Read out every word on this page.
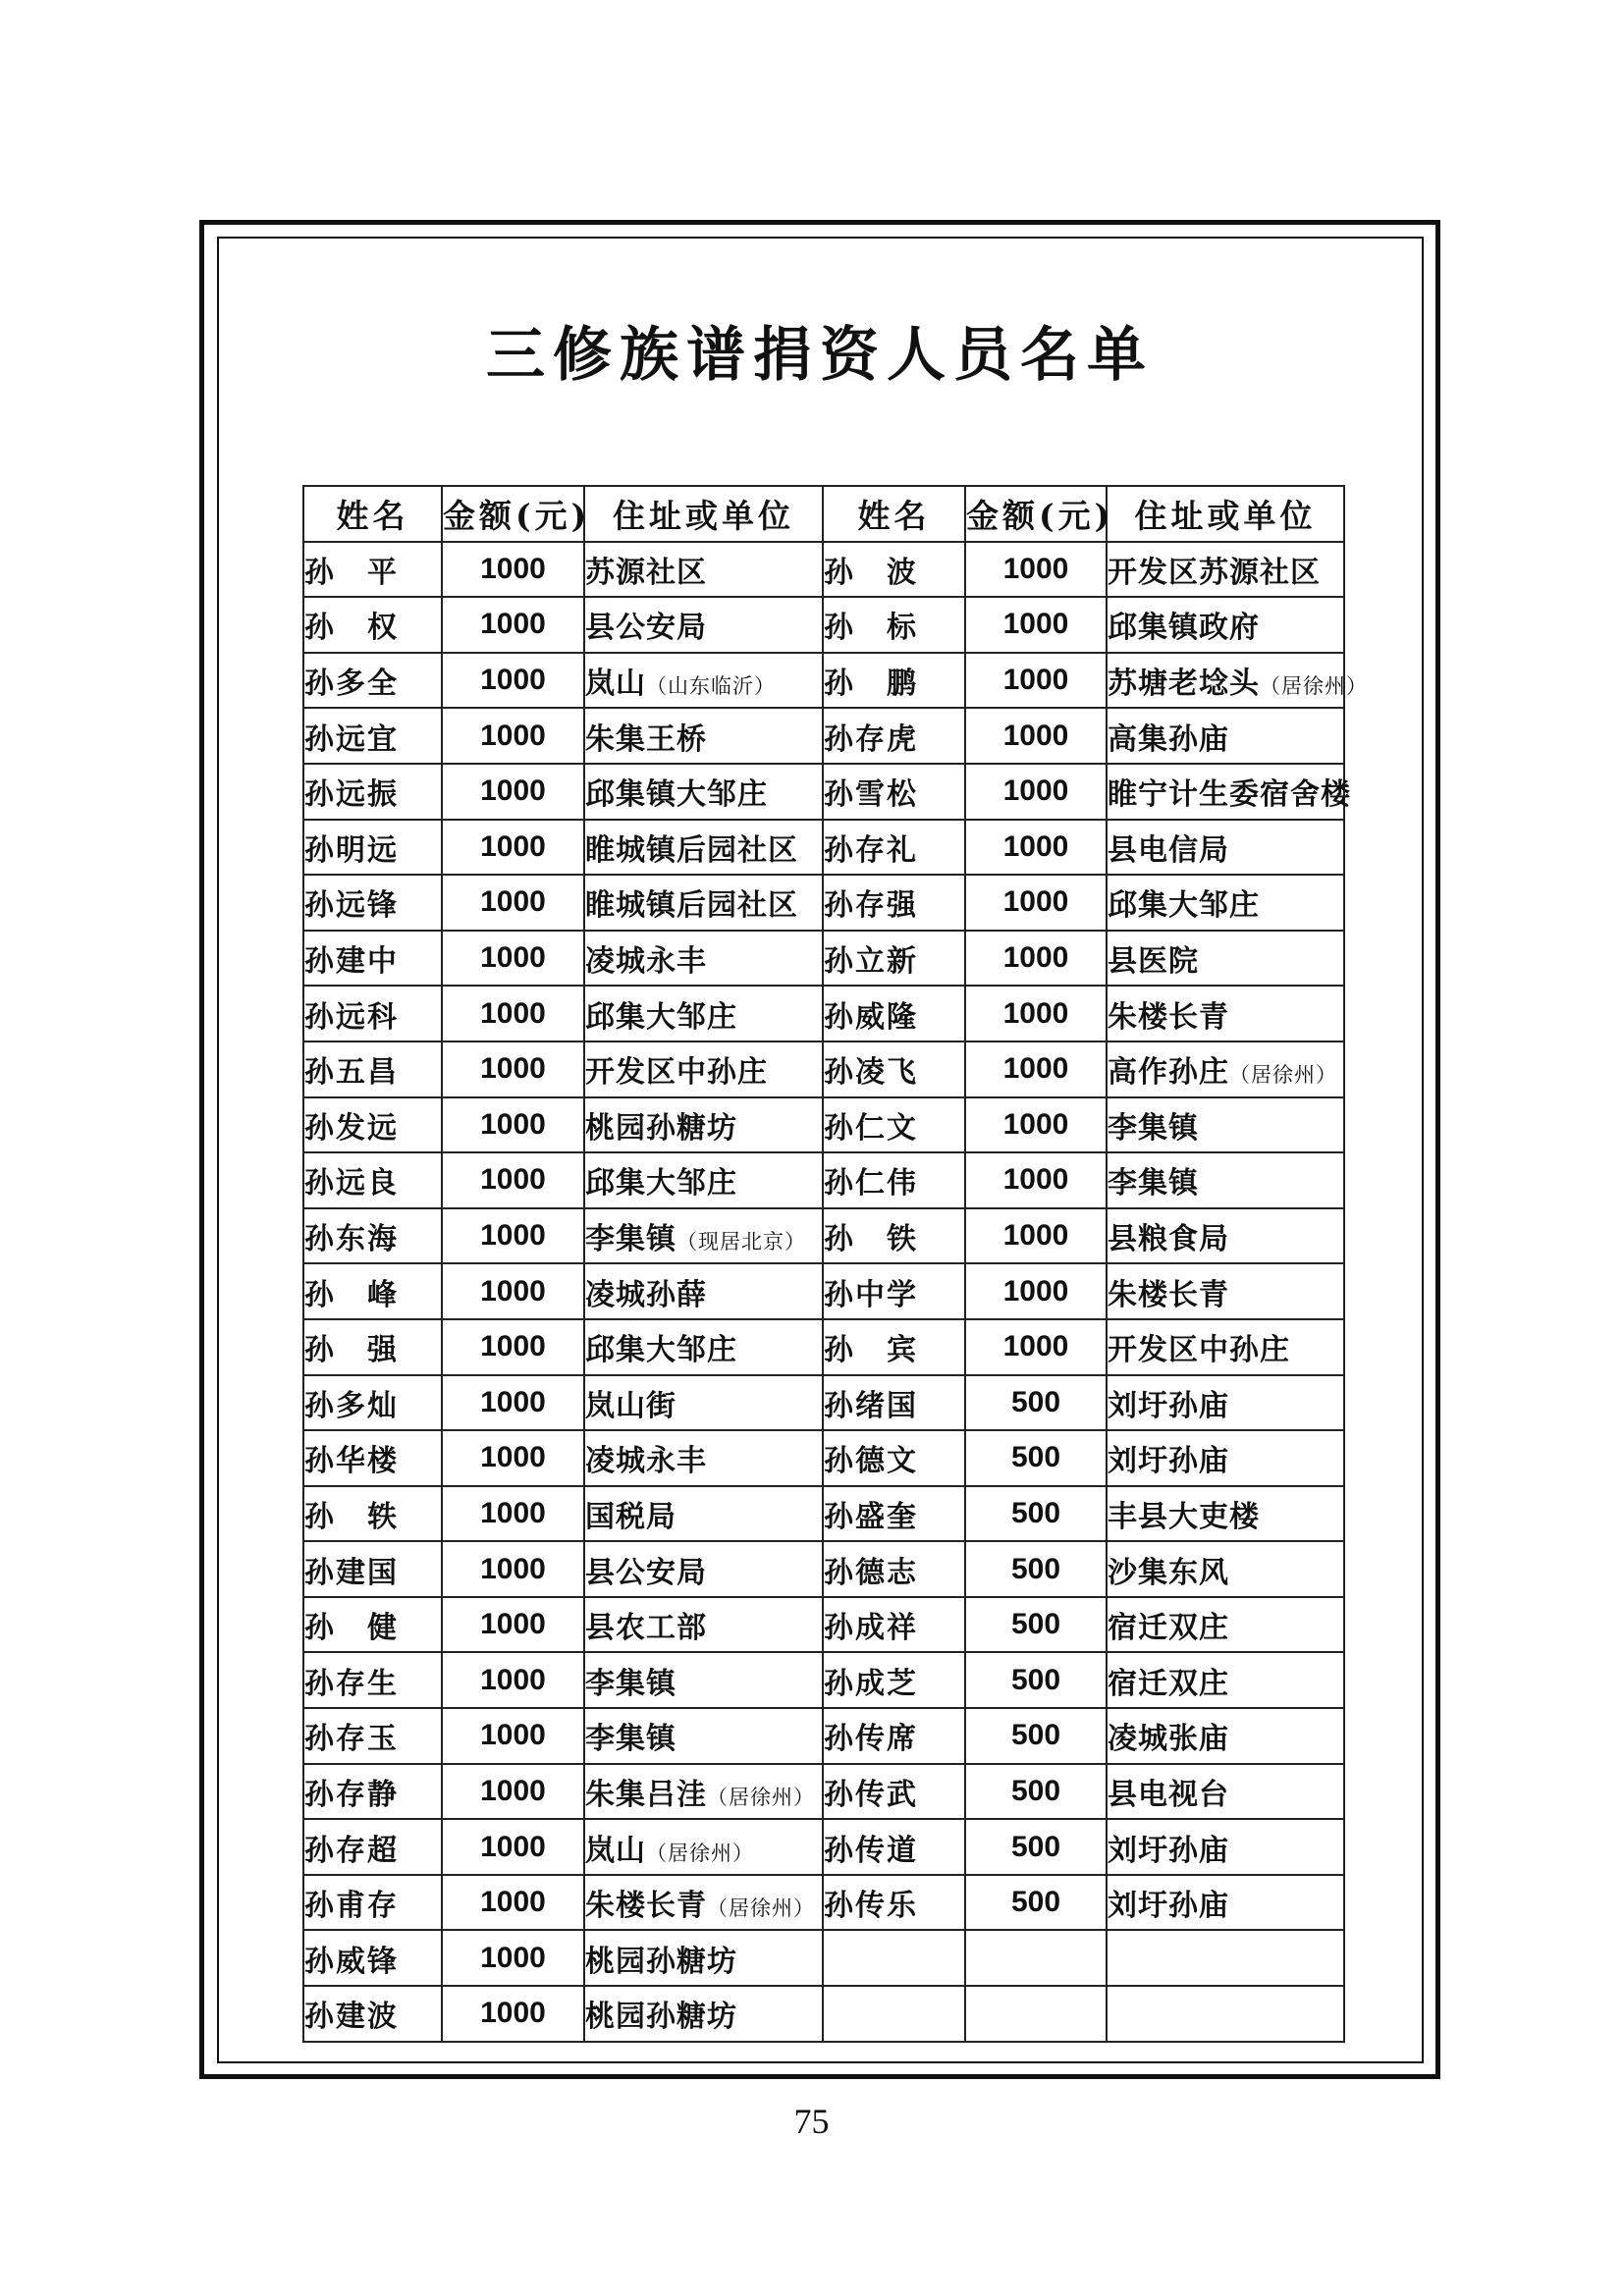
三修族谱捐资人员名单
姓名	金额(元)	住址或单位	姓名	金额(元)	住址或单位
孙　平	1000	苏源社区	孙　波	1000	开发区苏源社区
孙　权	1000	县公安局	孙　标	1000	邱集镇政府
孙多全	1000	岚山（山东临沂）	孙　鹏	1000	苏塘老埝头（居徐州）
孙远宜	1000	朱集王桥	孙存虎	1000	高集孙庙
孙远振	1000	邱集镇大邹庄	孙雪松	1000	睢宁计生委宿舍楼
孙明远	1000	睢城镇后园社区	孙存礼	1000	县电信局
孙远锋	1000	睢城镇后园社区	孙存强	1000	邱集大邹庄
孙建中	1000	凌城永丰	孙立新	1000	县医院
孙远科	1000	邱集大邹庄	孙威隆	1000	朱楼长青
孙五昌	1000	开发区中孙庄	孙凌飞	1000	高作孙庄（居徐州）
孙发远	1000	桃园孙糖坊	孙仁文	1000	李集镇
孙远良	1000	邱集大邹庄	孙仁伟	1000	李集镇
孙东海	1000	李集镇（现居北京）	孙　铁	1000	县粮食局
孙　峰	1000	凌城孙薛	孙中学	1000	朱楼长青
孙　强	1000	邱集大邹庄	孙　宾	1000	开发区中孙庄
孙多灿	1000	岚山街	孙绪国	500	刘圩孙庙
孙华楼	1000	凌城永丰	孙德文	500	刘圩孙庙
孙　轶	1000	国税局	孙盛奎	500	丰县大吏楼
孙建国	1000	县公安局	孙德志	500	沙集东风
孙　健	1000	县农工部	孙成祥	500	宿迁双庄
孙存生	1000	李集镇	孙成芝	500	宿迁双庄
孙存玉	1000	李集镇	孙传席	500	凌城张庙
孙存静	1000	朱集吕洼（居徐州）	孙传武	500	县电视台
孙存超	1000	岚山（居徐州）	孙传道	500	刘圩孙庙
孙甫存	1000	朱楼长青（居徐州）	孙传乐	500	刘圩孙庙
孙威锋	1000	桃园孙糖坊			
孙建波	1000	桃园孙糖坊			
75
